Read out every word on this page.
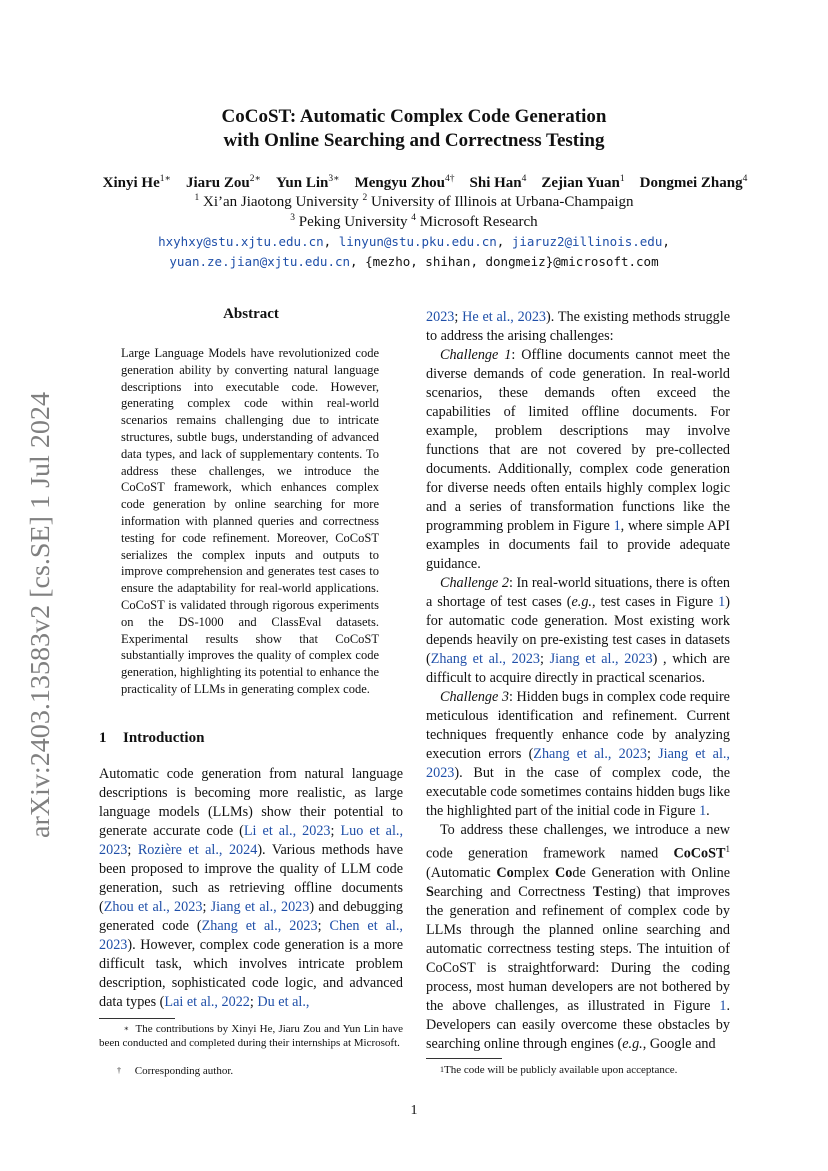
CoCoST: Automatic Complex Code Generation
with Online Searching and Correctness Testing
Xinyi $He^{1∗}$  Jiaru Zou$^{2∗}$  Yun Lin$^{3∗}$  Mengyu Zhou$^{4\dagger}$  Shi Han$^4$  Zejian Yuan$^1$  Dongmei Zhang$^4$
$^1$ Xi’an Jiaotong University $^2$ University of Illinois at Urbana-Champaign
$^3$ Peking University $^4$ Microsoft Research
hxyhxy@stu.xjtu.edu.cn, linyun@stu.pku.edu.cn, jiaruz2@illinois.edu,
yuan.ze.jian@xjtu.edu.cn, {mezho, shihan, dongmeiz}@microsoft.com
arXiv:2403.13583v2 [cs.SE] 1 Jul 2024
Abstract
Large Language Models have revolutionized code generation ability by converting natural language descriptions into executable code. However, generating complex code within real-world scenarios remains challenging due to intricate structures, subtle bugs, understanding of advanced data types, and lack of supplementary contents. To address these challenges, we introduce the CoCoST framework, which enhances complex code generation by online searching for more information with planned queries and correctness testing for code refinement. Moreover, CoCoST serializes the complex inputs and outputs to improve comprehension and generates test cases to ensure the adaptability for real-world applications. CoCoST is validated through rigorous experiments on the DS-1000 and ClassEval datasets. Experimental results show that CoCoST substantially improves the quality of complex code generation, highlighting its potential to enhance the practicality of LLMs in generating complex code.
1 Introduction

Automatic code generation from natural language descriptions is becoming more realistic, as large language models (LLMs) show their potential to generate accurate code (Li et al., 2023; Luo et al., 2023; Rozière et al., 2024). Various methods have been proposed to improve the quality of LLM code generation, such as retrieving offline documents (Zhou et al., 2023; Jiang et al., 2023) and debugging generated code (Zhang et al., 2023; Chen et al., 2023). However, complex code generation is a more difficult task, which involves intricate problem description, sophisticated code logic, and advanced data types (Lai et al., 2022; Du et al.,

∗ The contributions by Xinyi He, Jiaru Zou and Yun Lin have been conducted and completed during their internships at Microsoft.
† Corresponding author.

2023; He et al., 2023). The existing methods struggle to address the arising challenges:

Challenge 1: Offline documents cannot meet the diverse demands of code generation. In real-world scenarios, these demands often exceed the capabilities of limited offline documents. For example, problem descriptions may involve functions that are not covered by pre-collected documents. Additionally, complex code generation for diverse needs often entails highly complex logic and a series of transformation functions like the programming problem in Figure 1, where simple API examples in documents fail to provide adequate guidance.

Challenge 2: In real-world situations, there is often a shortage of test cases (e.g., test cases in Figure 1) for automatic code generation. Most existing work depends heavily on pre-existing test cases in datasets (Zhang et al., 2023; Jiang et al., 2023) , which are difficult to acquire directly in practical scenarios.

Challenge 3: Hidden bugs in complex code require meticulous identification and refinement. Current techniques frequently enhance code by analyzing execution errors (Zhang et al., 2023; Jiang et al., 2023). But in the case of complex code, the executable code sometimes contains hidden bugs like the highlighted part of the initial code in Figure 1.

To address these challenges, we introduce a new code generation framework named CoCoST$^1$ (Automatic Complex Code Generation with Online Searching and Correctness Testing) that improves the generation and refinement of complex code by LLMs through the planned online searching and automatic correctness testing steps. The intuition of CoCoST is straightforward: During the coding process, most human developers are not bothered by the above challenges, as illustrated in Figure 1. Developers can easily overcome these obstacles by searching online through engines (e.g., Google and

1The code will be publicly available upon acceptance.
1
